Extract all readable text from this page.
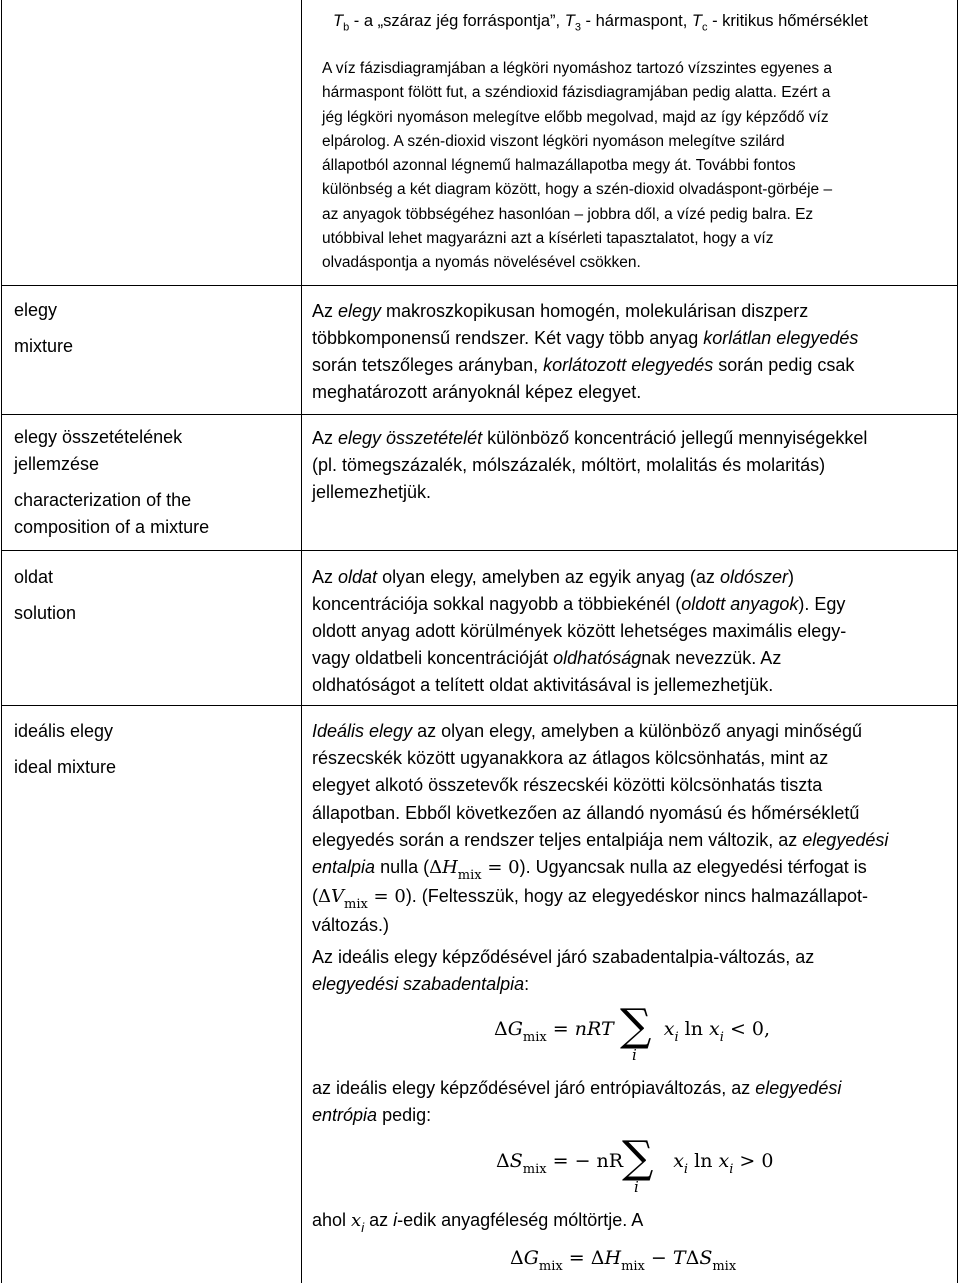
$T_b$ - a „száraz jég forráspontja”, $T_3$ - hármaspont, $T_c$ - kritikus hőmérséklet
A víz fázisdiagramjában a légköri nyomáshoz tartozó vízszintes egyenes a
hármaspont fölött fut, a széndioxid fázisdiagramjában pedig alatta. Ezért a
jég légköri nyomáson melegítve előbb megolvad, majd az így képződő víz
elpárolog. A szén-dioxid viszont légköri nyomáson melegítve szilárd
állapotból azonnal légnemű halmazállapotba megy át. További fontos
különbség a két diagram között, hogy a szén-dioxid olvadáspont-görbéje –
az anyagok többségéhez hasonlóan – jobbra dől, a vízé pedig balra. Ez
utóbbival lehet magyarázni azt a kísérleti tapasztalatot, hogy a víz
olvadáspontja a nyomás növelésével csökken.

elegy

mixture

Az elegy makroszkopikusan homogén, molekulárisan diszperz
többkomponensű rendszer. Két vagy több anyag korlátlan elegyedés
során tetszőleges arányban, korlátozott elegyedés során pedig csak
meghatározott arányoknál képez elegyet.

elegy összetételének jellemzése

characterization of the composition of a mixture

Az elegy összetételét különböző koncentráció jellegű mennyiségekkel
(pl. tömegszázalék, mólszázalék, móltört, molalitás és molaritás)
jellemezhetjük.

oldat

solution

Az oldat olyan elegy, amelyben az egyik anyag (az oldószer)
koncentrációja sokkal nagyobb a többiekénél (oldott anyagok). Egy
oldott anyag adott körülmények között lehetséges maximális elegy-
vagy oldatbeli koncentrációját oldhatóságnak nevezzük. Az
oldhatóságot a telített oldat aktivitásával is jellemezhetjük.

ideális elegy

ideal mixture

Ideális elegy az olyan elegy, amelyben a különböző anyagi minőségű
részecskék között ugyanakkora az átlagos kölcsönhatás, mint az
elegyet alkotó összetevők részecskéi közötti kölcsönhatás tiszta
állapotban. Ebből következően az állandó nyomású és hőmérsékletű
elegyedés során a rendszer teljes entalpiája nem változik, az elegyedési
entalpia nulla $(\Delta H_{mix} = 0)$. Ugyancsak nulla az elegyedési térfogat is
$(\Delta V_{mix} = 0)$. (Feltesszük, hogy az elegyedéskor nincs halmazállapot-
változás.)
Az ideális elegy képződésével járó szabadentalpia-változás, az
elegyedési szabadentalpia:
$\Delta G_{mix}$ = nRT	$x_i$ $\ln x_i < 0$,
∑
i
az ideális elegy képződésével járó entrópiaváltozás, az elegyedési
entrópia pedig:
$\Delta S_{mix}$ = − nR	$x_i$ $\ln x_i > 0$
∑
i
ahol $x_i$ az i-edik anyagféleség móltörtje. A
$\Delta G_{mix} = \Delta H_{mix} - T\Delta S_{mix}$
